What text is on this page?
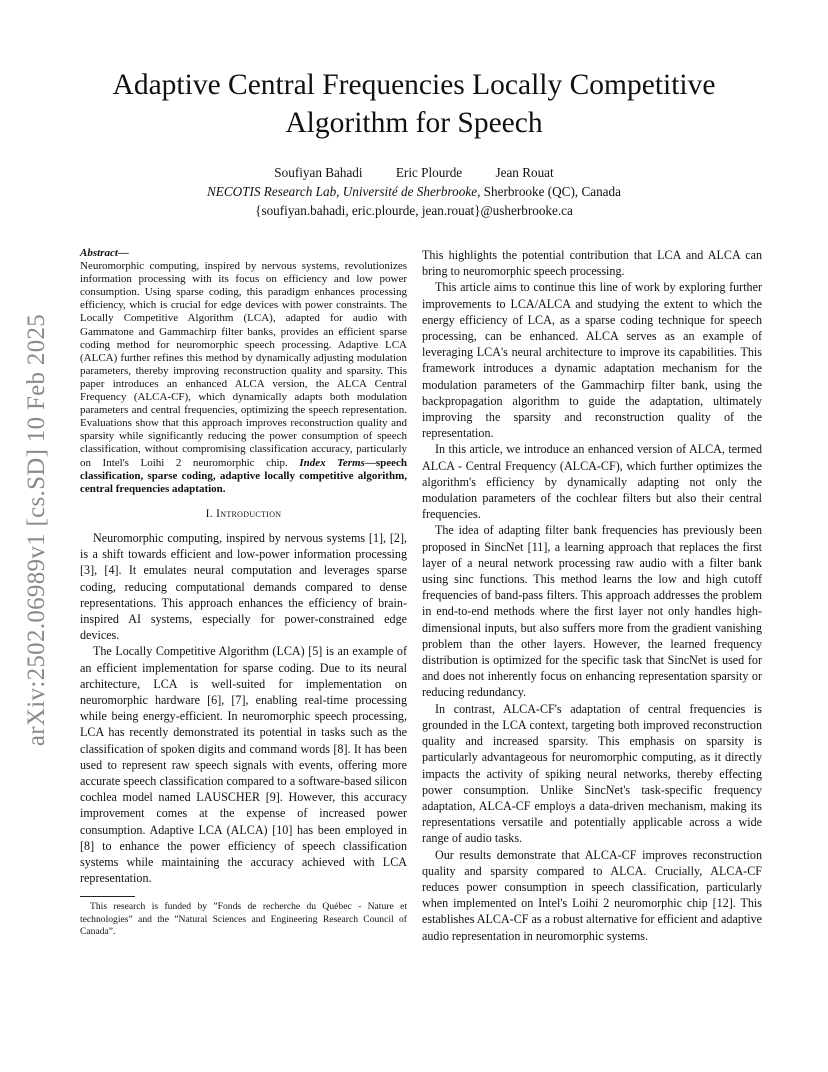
arXiv:2502.06989v1 [cs.SD] 10 Feb 2025
Adaptive Central Frequencies Locally Competitive Algorithm for Speech
Soufiyan Bahadi	Eric Plourde	Jean Rouat
NECOTIS Research Lab, Université de Sherbrooke, Sherbrooke (QC), Canada
{soufiyan.bahadi, eric.plourde, jean.rouat}@usherbrooke.ca
Abstract—
Neuromorphic computing, inspired by nervous systems, revolutionizes information processing with its focus on efficiency and low power consumption. Using sparse coding, this paradigm enhances processing efficiency, which is crucial for edge devices with power constraints. The Locally Competitive Algorithm (LCA), adapted for audio with Gammatone and Gammachirp filter banks, provides an efficient sparse coding method for neuromorphic speech processing. Adaptive LCA (ALCA) further refines this method by dynamically adjusting modulation parameters, thereby improving reconstruction quality and sparsity. This paper introduces an enhanced ALCA version, the ALCA Central Frequency (ALCA-CF), which dynamically adapts both modulation parameters and central frequencies, optimizing the speech representation. Evaluations show that this approach improves reconstruction quality and sparsity while significantly reducing the power consumption of speech classification, without compromising classification accuracy, particularly on Intel's Loihi 2 neuromorphic chip. Index Terms—speech classification, sparse coding, adaptive locally competitive algorithm, central frequencies adaptation.
I. Introduction

Neuromorphic computing, inspired by nervous systems [1], [2], is a shift towards efficient and low-power information processing [3], [4]. It emulates neural computation and leverages sparse coding, reducing computational demands compared to dense representations. This approach enhances the efficiency of brain-inspired AI systems, especially for power-constrained edge devices.

The Locally Competitive Algorithm (LCA) [5] is an example of an efficient implementation for sparse coding. Due to its neural architecture, LCA is well-suited for implementation on neuromorphic hardware [6], [7], enabling real-time processing while being energy-efficient. In neuromorphic speech processing, LCA has recently demonstrated its potential in tasks such as the classification of spoken digits and command words [8]. It has been used to represent raw speech signals with events, offering more accurate speech classification compared to a software-based silicon cochlea model named LAUSCHER [9]. However, this accuracy improvement comes at the expense of increased power consumption. Adaptive LCA (ALCA) [10] has been employed in [8] to enhance the power efficiency of speech classification systems while maintaining the accuracy achieved with LCA representation.

This research is funded by ”Fonds de recherche du Québec - Nature et technologies” and the ”Natural Sciences and Engineering Research Council of Canada”.

This highlights the potential contribution that LCA and ALCA can bring to neuromorphic speech processing.

This article aims to continue this line of work by exploring further improvements to LCA/ALCA and studying the extent to which the energy efficiency of LCA, as a sparse coding technique for speech processing, can be enhanced. ALCA serves as an example of leveraging LCA's neural architecture to improve its capabilities. This framework introduces a dynamic adaptation mechanism for the modulation parameters of the Gammachirp filter bank, using the backpropagation algorithm to guide the adaptation, ultimately improving the sparsity and reconstruction quality of the representation.

In this article, we introduce an enhanced version of ALCA, termed ALCA - Central Frequency (ALCA-CF), which further optimizes the algorithm's efficiency by dynamically adapting not only the modulation parameters of the cochlear filters but also their central frequencies.

The idea of adapting filter bank frequencies has previously been proposed in SincNet [11], a learning approach that replaces the first layer of a neural network processing raw audio with a filter bank using sinc functions. This method learns the low and high cutoff frequencies of band-pass filters. This approach addresses the problem in end-to-end methods where the first layer not only handles high-dimensional inputs, but also suffers more from the gradient vanishing problem than the other layers. However, the learned frequency distribution is optimized for the specific task that SincNet is used for and does not inherently focus on enhancing representation sparsity or reducing redundancy.

In contrast, ALCA-CF's adaptation of central frequencies is grounded in the LCA context, targeting both improved reconstruction quality and increased sparsity. This emphasis on sparsity is particularly advantageous for neuromorphic computing, as it directly impacts the activity of spiking neural networks, thereby effecting power consumption. Unlike SincNet's task-specific frequency adaptation, ALCA-CF employs a data-driven mechanism, making its representations versatile and potentially applicable across a wide range of audio tasks.

Our results demonstrate that ALCA-CF improves reconstruction quality and sparsity compared to ALCA. Crucially, ALCA-CF reduces power consumption in speech classification, particularly when implemented on Intel's Loihi 2 neuromorphic chip [12]. This establishes ALCA-CF as a robust alternative for efficient and adaptive audio representation in neuromorphic systems.
